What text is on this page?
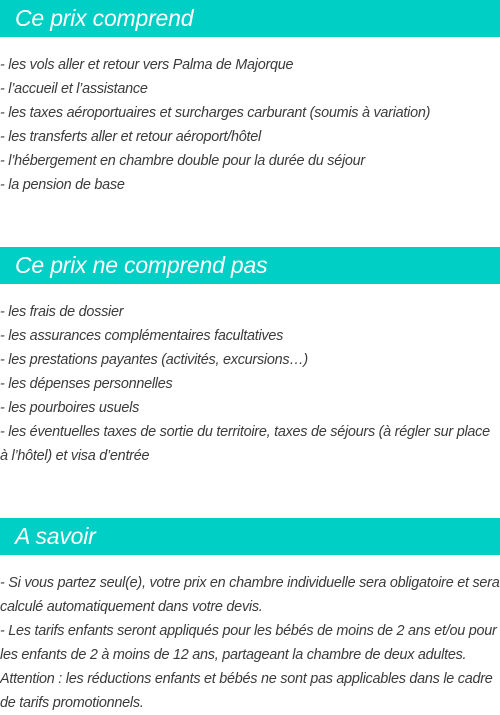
Ce prix comprend
- les vols aller et retour vers Palma de Majorque
- l’accueil et l’assistance
- les taxes aéroportuaires et surcharges carburant (soumis à variation)
- les transferts aller et retour aéroport/hôtel
- l’hébergement en chambre double pour la durée du séjour
- la pension de base
Ce prix ne comprend pas
- les frais de dossier
- les assurances complémentaires facultatives
- les prestations payantes (activités, excursions…)
- les dépenses personnelles
- les pourboires usuels
- les éventuelles taxes de sortie du territoire, taxes de séjours (à régler sur place à l’hôtel) et visa d’entrée
A savoir
- Si vous partez seul(e), votre prix en chambre individuelle sera obligatoire et sera calculé automatiquement dans votre devis.
- Les tarifs enfants seront appliqués pour les bébés de moins de 2 ans et/ou pour les enfants de 2 à moins de 12 ans, partageant la chambre de deux adultes.
Attention : les réductions enfants et bébés ne sont pas applicables dans le cadre de tarifs promotionnels.
